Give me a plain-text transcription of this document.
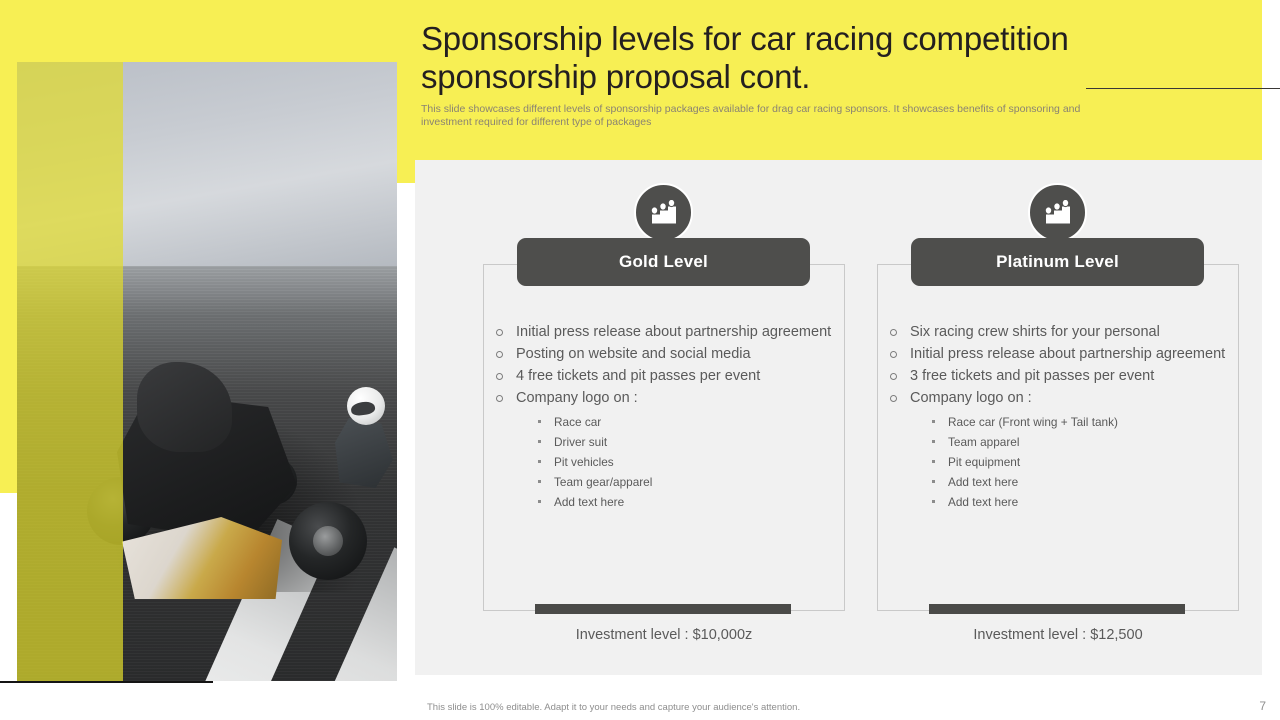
Sponsorship levels for car racing competition sponsorship proposal cont.
This slide showcases different levels of sponsorship packages available for drag car racing sponsors. It showcases benefits of sponsoring and investment required for different type of packages
Gold Level
Initial press release about partnership agreement
Posting on website and social media
4 free tickets and pit passes per event
Company logo on :
Race car
Driver suit
Pit vehicles
Team gear/apparel
Add text here
Investment level : $10,000z
Platinum Level
Six racing crew shirts for your personal
Initial press release about partnership agreement
3 free tickets and pit passes per event
Company logo on :
Race car (Front wing + Tail tank)
Team apparel
Pit equipment
Add text here
Add text here
Investment level : $12,500
This slide is 100% editable. Adapt it to your needs and capture your audience's attention.	7
